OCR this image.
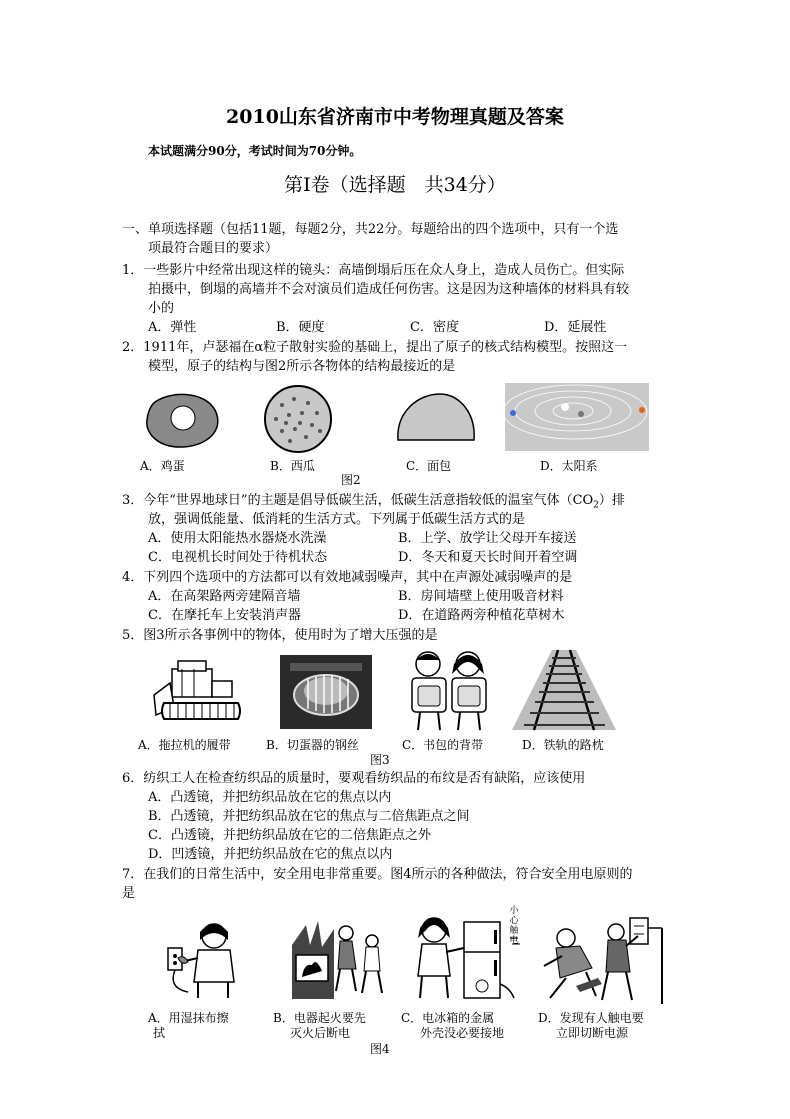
2010山东省济南市中考物理真题及答案
本试题满分90分，考试时间为70分钟。
第Ⅰ卷（选择题　共34分）
一、单项选择题（包括11题，每题2分，共22分。每题给出的四个选项中，只有一个选
项最符合题目的要求）
1．一些影片中经常出现这样的镜头：高墙倒塌后压在众人身上，造成人员伤亡。但实际
拍摄中，倒塌的高墙并不会对演员们造成任何伤害。这是因为这种墙体的材料具有较
小的
A．弹性	B．硬度	C．密度	D．延展性
2．1911年，卢瑟福在α粒子散射实验的基础上，提出了原子的核式结构模型。按照这一
模型，原子的结构与图2所示各物体的结构最接近的是
A．鸡蛋	B．西瓜	C．面包	D．太阳系
图2
3．今年“世界地球日”的主题是倡导低碳生活，低碳生活意指较低的温室气体$(CO_2)$排
放，强调低能量、低消耗的生活方式。下列属于低碳生活方式的是
A．使用太阳能热水器烧水洗澡	B．上学、放学让父母开车接送
C．电视机长时间处于待机状态	D．冬天和夏天长时间开着空调
4．下列四个选项中的方法都可以有效地减弱噪声，其中在声源处减弱噪声的是
A．在高架路两旁建隔音墙	B．房间墙壁上使用吸音材料
C．在摩托车上安装消声器	D．在道路两旁种植花草树木
5．图3所示各事例中的物体，使用时为了增大压强的是
A．拖拉机的履带	B．切蛋器的钢丝	C．书包的背带	D．铁轨的路枕
图3
6．纺织工人在检查纺织品的质量时，要观看纺织品的布纹是否有缺陷，应该使用
A．凸透镜，并把纺织品放在它的焦点以内
B．凸透镜，并把纺织品放在它的焦点与二倍焦距点之间
C．凸透镜，并把纺织品放在它的二倍焦距点之外
D．凹透镜，并把纺织品放在它的焦点以内
7．在我们的日常生活中，安全用电非常重要。图4所示的各种做法，符合安全用电原则的
是
小心触电
A．用湿抹布擦
拭
B．电器起火要先
灭火后断电
C．电冰箱的金属
外壳没必要接地
D．发现有人触电要
立即切断电源
图4
